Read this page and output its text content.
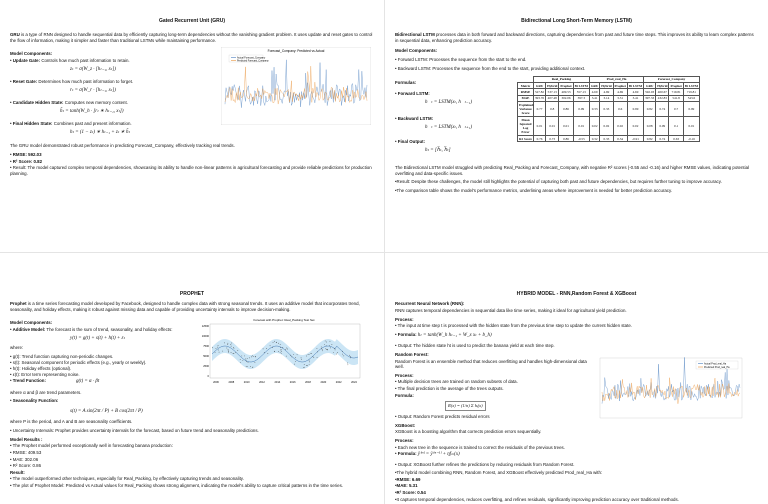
Gated Recurrent Unit (GRU)

GRU is a type of RNN designed to handle sequential data by efficiently capturing long-term dependencies without the vanishing gradient problem. It uses update and reset gates to control the flow of information, making it simpler and faster than traditional LSTMs while maintaining performance.

Model Components:

• Update Gate: Controls how much past information to retain.

zₜ = σ(W_z · [hₜ₋₁, xₜ])

• Reset Gate: Determines how much past information to forget.

rₜ = σ(W_r · [hₜ₋₁, xₜ])

• Candidate Hidden State: Computes new memory content.

h̃ₜ = tanh(W_h · [rₜ ∗ hₜ₋₁, xₜ])

• Final Hidden State: Combines past and present information.

hₜ = (1 − zₜ) ∗ hₜ₋₁ + zₜ ∗ h̃ₜ

Forecast_Company: Predicted vs Actual
Actual Forecast_Company
Predicted Forecast_Company

The GRU model demonstrated robust performance in predicting Forecast_Company, effectively tracking real trends.

• RMSE: 592.03

• R² Score: 0.82

• Result: The model captured complex temporal dependencies, showcasing its ability to handle non-linear patterns in agricultural forecasting and provide reliable predictions for production planning.

Bidirectional Long Short-Term Memory (LSTM)

Bidirectional LSTM processes data in both forward and backward directions, capturing dependencies from past and future time steps. This improves its ability to learn complex patterns in sequential data, enhancing prediction accuracy.

Model Components:

• Forward LSTM: Processes the sequence from the start to the end.

• Backward LSTM: Processes the sequence from the end to the start, providing additional context.

Formulas:

• Forward LSTM:

h⃗ₜ = LSTM(xₜ, h⃗ₜ₋₁)

• Backward LSTM:

h⃖ₜ = LSTM(xₜ, h⃖ₜ₊₁)

• Final Output:

hₜ = [h⃗ₜ, h⃖ₜ]

	Real_Packing				Prod_real_Ha				Forecast_Company			
Metric	GRU	Hybrid	Prophet	Bi LSTM	GRU	Hybrid	Prophet	Bi LSTM	GRU	Hybrid	Prophet	Bi LSTM
RMSE	527.82	537.13	409.53	557.13	4.69	4.69	4.69	4.69	592.03	400.67	719.81	719.81
MAE	393.76	407.48	302.06	397.3	3.41	3.14	3.31	3.41	397.33	432.83	541.8	543.6
Explained Variance Score	0.77	0.8	0.86	0.99	0.33	0.33	0.6	0.99	0.82	0.74	0.7	0.99
Mean Squared Log Error	0.01	0.01	0.01	0.01	0.02	0.02	0.02	0.02	0.08	0.09	0.1	0.01
R2 Score	0.76	0.73	0.86	-0.55	0.32	0.33	0.34	-0.91	0.82	0.74	0.63	-0.16

The Bidirectional LSTM model struggled with predicting Real_Packing and Forecast_Company, with negative R² scores (-0.55 and -0.16) and higher RMSE values, indicating potential overfitting and data-specific issues.

•Result: Despite these challenges, the model still highlights the potential of capturing both past and future dependencies, but requires further tuning to improve accuracy.

•The comparison table shows the model's performance metrics, underlining areas where improvement is needed for better prediction accuracy.

PROPHET

Prophet is a time series forecasting model developed by Facebook, designed to handle complex data with strong seasonal trends. It uses an additive model that incorporates trend, seasonality, and holiday effects, making it robust against missing data and capable of providing uncertainty intervals to improve decision-making.

Model Components:

• Additive Model: The forecast is the sum of trend, seasonality, and holiday effects:

y(t) = g(t) + s(t) + h(t) + εₜ

where:

• g(t): Trend function capturing non-periodic changes.

• s(t): Seasonal component for periodic effects (e.g., yearly or weekly).

• h(t): Holiday effects (optional).

• ε(t): Error term representing noise.

• Trend Function:	g(t) = α · βt

where α and β are trend parameters.

• Seasonality Function:

Forecast with Prophet: Real_Packing Test Set
12500
10000
7500
5000
2500
0
2006	2008	2010	2012	2014	2016	2018	2020	2022	2024

s(t) = A sin(2πt / P) + B cos(2πt / P)

where P is the period, and A and B are seasonality coefficients.

• Uncertainty Intervals: Prophet provides uncertainty intervals for the forecast, based on future trend and seasonality predictions.

Model Results :

• The Prophet model performed exceptionally well in forecasting banana production:

• RMSE: 409.53

• MAE: 302.06

• R² Score: 0.86

Result:

• The model outperformed other techniques, especially for Real_Packing, by effectively capturing trends and seasonality.

• The plot of Prophet Model: Predicted vs Actual values for Real_Packing shows strong alignment, indicating the model's ability to capture critical patterns in the time series.

HYBRID MODEL - RNN,Random Forest & XGBoost

Recurrent Neural Network (RNN):

RNN captures temporal dependencies in sequential data like time series, making it ideal for agricultural yield prediction.

Process:

• The input at time step t is processed with the hidden state from the previous time step to update the current hidden state.

• Formula: hₜ = tanh(W_h hₜ₋₁ + W_x xₜ + b_h)

• Output: The hidden state ht is used to predict the banana yield at each time step.

Random Forest:

Random Forest is an ensemble method that reduces overfitting and handles high-dimensional data well.

Process:

• Multiple decision trees are trained on random subsets of data.

• The final prediction is the average of the trees outputs.

Formula:

R(x) = (1/n) Σ hᵢ(x)

• Output: Random Forest predicts residual errors

XGBoost:

XGBoost is a boosting algorithm that corrects prediction errors sequentially.

Actual Prod_real_Ha
Predicted Prod_real_Ha

Process:

• Each new tree in the sequence is trained to correct the residuals of the previous trees.

• Formula: ŷ⁽ᵐ⁾ = ŷ⁽ᵐ⁻¹⁾ + ηfₘ(x)

• Output: XGBoost further refines the predictions by reducing residuals from Random Forest.

•The hybrid model combining RNN, Random Forest, and XGBoost effectively predicted Prod_real_Ha with:

•RMSE: 6.69

•MAE: 5.31

•R² Score: 0.54

•It captures temporal dependencies, reduces overfitting, and refines residuals, significantly improving prediction accuracy over traditional methods.
